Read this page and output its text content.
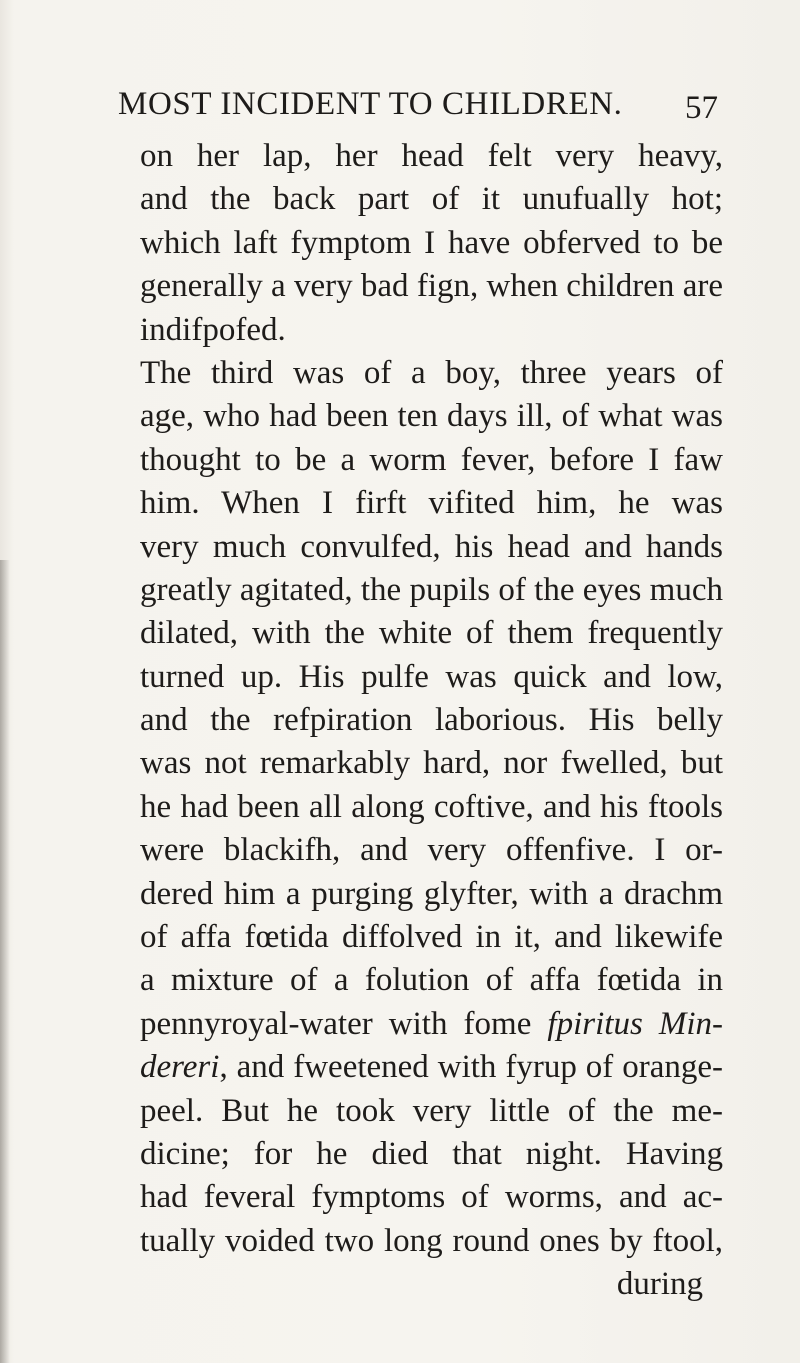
MOST INCIDENT TO CHILDREN. 57
on her lap, her head felt very heavy,
and the back part of it unufually hot;
which laft fymptom I have obferved to be
generally a very bad fign, when children are
indifpofed.
The third was of a boy, three years of
age, who had been ten days ill, of what was
thought to be a worm fever, before I faw
him. When I firft vifited him, he was
very much convulfed, his head and hands
greatly agitated, the pupils of the eyes much
dilated, with the white of them frequently
turned up. His pulfe was quick and low,
and the refpiration laborious. His belly
was not remarkably hard, nor fwelled, but
he had been all along coftive, and his ftools
were blackifh, and very offenfive. I or-
dered him a purging glyfter, with a drachm
of affa fœtida diffolved in it, and likewife
a mixture of a folution of affa fœtida in
pennyroyal-water with fome fpiritus Min-
dereri, and fweetened with fyrup of orange-
peel. But he took very little of the me-
dicine; for he died that night. Having
had feveral fymptoms of worms, and ac-
tually voided two long round ones by ftool,
during
